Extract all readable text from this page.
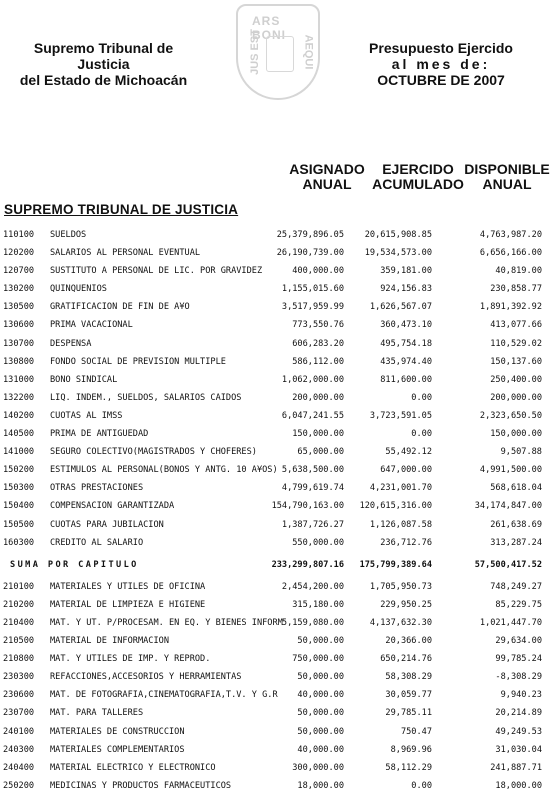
ARS BONI
JUS EST	AEQUI
Supremo Tribunal de Justicia
del Estado de Michoacán
Presupuesto Ejercido
al mes de:
OCTUBRE DE 2007
ASIGNADO ANUAL
EJERCIDO ACUMULADO
DISPONIBLE ANUAL
SUPREMO TRIBUNAL DE JUSTICIA
110100 SUELDOS	25,379,896.05 20,615,908.85	4,763,987.20
120200 SALARIOS AL PERSONAL EVENTUAL	26,190,739.00 19,534,573.00	6,656,166.00
120700 SUSTITUTO A PERSONAL DE LIC. POR GRAVIDEZ	400,000.00	359,181.00	40,819.00
130200 QUINQUENIOS	1,155,015.60	924,156.83	230,858.77
130500 GRATIFICACION DE FIN DE A¥O	3,517,959.99	1,626,567.07	1,891,392.92
130600 PRIMA VACACIONAL	773,550.76	360,473.10	413,077.66
130700 DESPENSA	606,283.20	495,754.18	110,529.02
130800 FONDO SOCIAL DE PREVISION MULTIPLE	586,112.00	435,974.40	150,137.60
131000 BONO SINDICAL	1,062,000.00	811,600.00	250,400.00
132200 LIQ. INDEM., SUELDOS, SALARIOS CAIDOS	200,000.00	0.00	200,000.00
140200 CUOTAS AL IMSS	6,047,241.55	3,723,591.05	2,323,650.50
140500 PRIMA DE ANTIGUEDAD	150,000.00	0.00	150,000.00
141000 SEGURO COLECTIVO(MAGISTRADOS Y CHOFERES)	65,000.00	55,492.12	9,507.88
150200 ESTIMULOS AL PERSONAL(BONOS Y ANTG. 10 A¥OS) 5,638,500.00	647,000.00	4,991,500.00
150300 OTRAS PRESTACIONES	4,799,619.74	4,231,001.70	568,618.04
150400 COMPENSACION GARANTIZADA	154,790,163.00 120,615,316.00	34,174,847.00
150500 CUOTAS PARA JUBILACION	1,387,726.27	1,126,087.58	261,638.69
160300 CREDITO AL SALARIO	550,000.00	236,712.76	313,287.24
SUMA POR CAPITULO	233,299,807.16 175,799,389.64	57,500,417.52
210100 MATERIALES Y UTILES DE OFICINA	2,454,200.00	1,705,950.73	748,249.27
210200 MATERIAL DE LIMPIEZA E HIGIENE	315,180.00	229,950.25	85,229.75
210400 MAT. Y UT. P/PROCESAM. EN EQ. Y BIENES INFORM 5,159,080.00	4,137,632.30	1,021,447.70
210500 MATERIAL DE INFORMACION	50,000.00	20,366.00	29,634.00
210800 MAT. Y UTILES DE IMP. Y REPROD.	750,000.00	650,214.76	99,785.24
230300 REFACCIONES,ACCESORIOS Y HERRAMIENTAS	50,000.00	58,308.29	-8,308.29
230600 MAT. DE FOTOGRAFIA,CINEMATOGRAFIA,T.V. Y G.R 40,000.00	30,059.77	9,940.23
230700 MAT. PARA TALLERES	50,000.00	29,785.11	20,214.89
240100 MATERIALES DE CONSTRUCCION	50,000.00	750.47	49,249.53
240300 MATERIALES COMPLEMENTARIOS	40,000.00	8,969.96	31,030.04
240400 MATERIAL ELECTRICO Y ELECTRONICO	300,000.00	58,112.29	241,887.71
250200 MEDICINAS Y PRODUCTOS FARMACEUTICOS	18,000.00	0.00	18,000.00
